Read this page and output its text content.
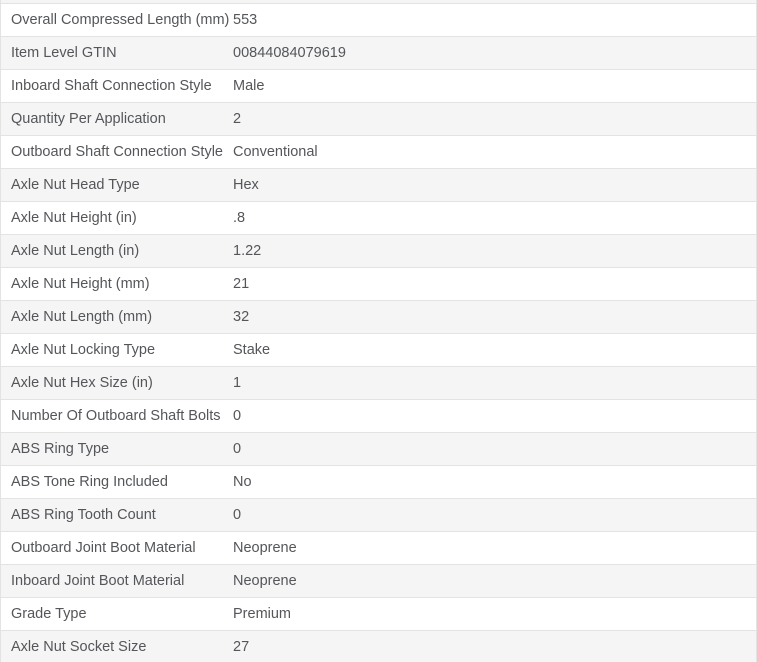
Overall Compressed Length (mm) 553
Item Level GTIN	00844084079619
Inboard Shaft Connection Style	Male
Quantity Per Application	2
Outboard Shaft Connection Style Conventional
Axle Nut Head Type	Hex
Axle Nut Height (in)	.8
Axle Nut Length (in)	1.22
Axle Nut Height (mm)	21
Axle Nut Length (mm)	32
Axle Nut Locking Type	Stake
Axle Nut Hex Size (in)	1
Number Of Outboard Shaft Bolts 0
ABS Ring Type	0
ABS Tone Ring Included	No
ABS Ring Tooth Count	0
Outboard Joint Boot Material	Neoprene
Inboard Joint Boot Material	Neoprene
Grade Type	Premium
Axle Nut Socket Size	27
